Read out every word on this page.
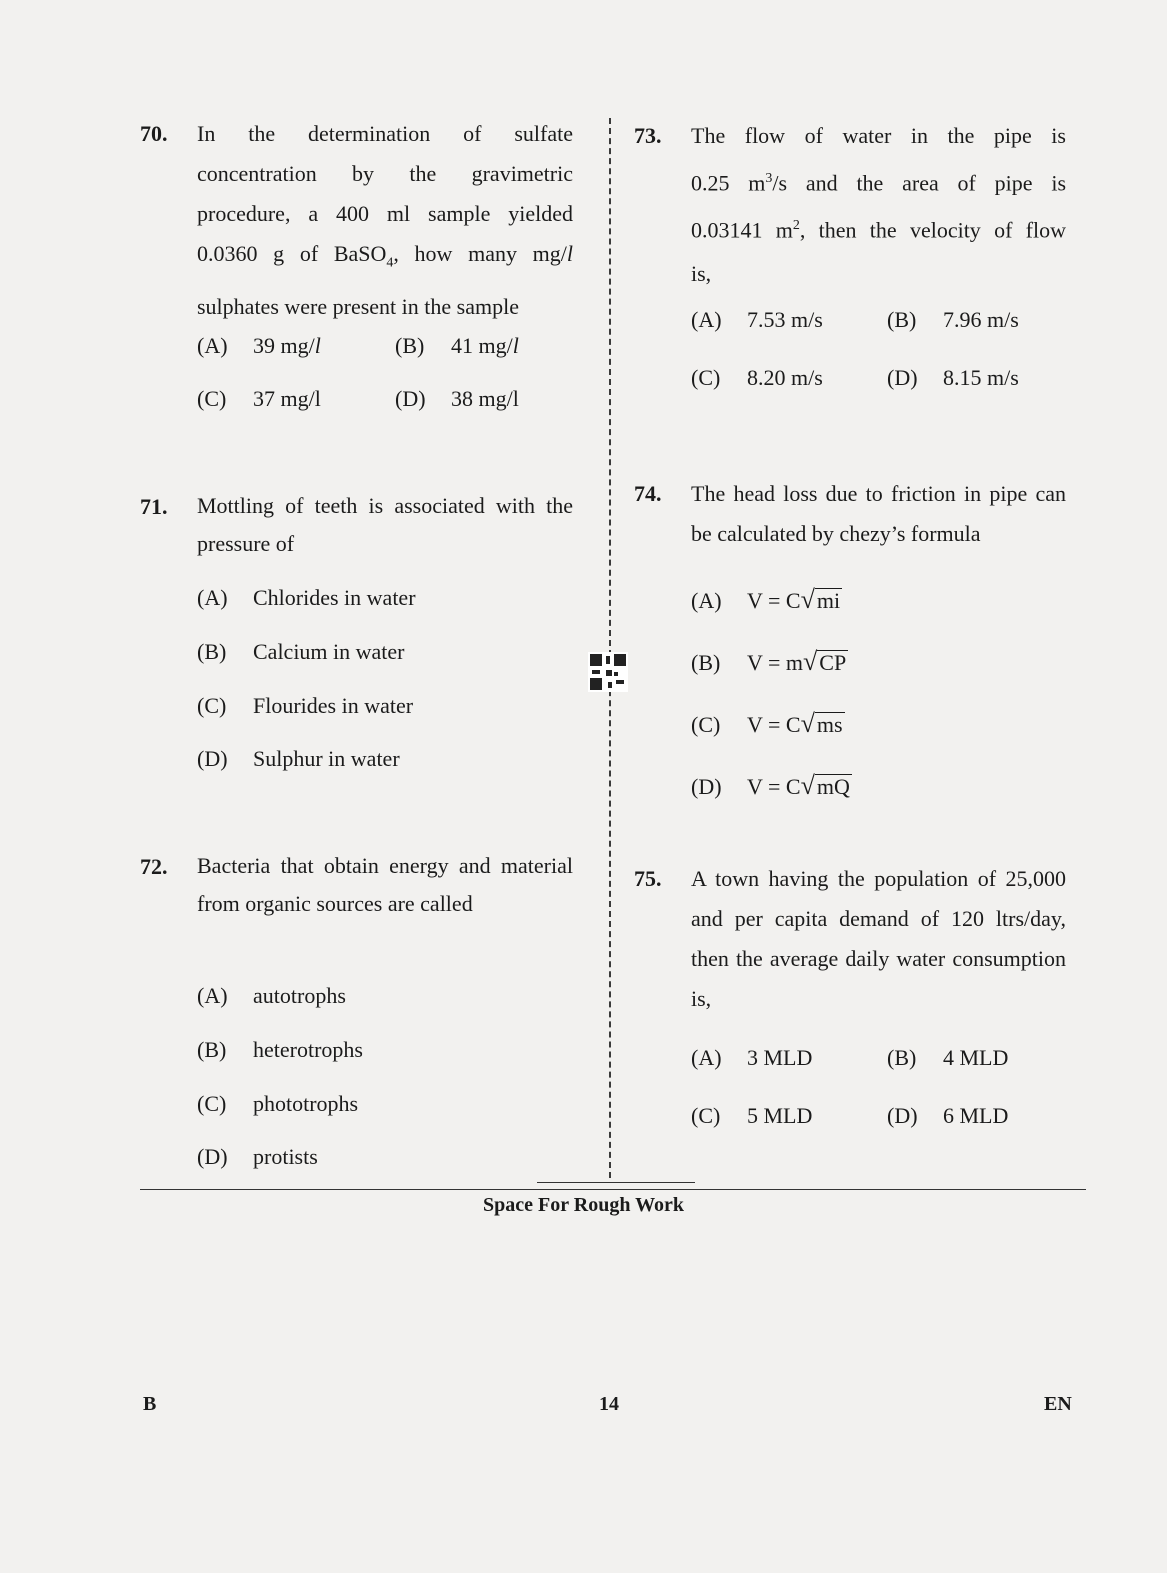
70. In the determination of sulfate
concentration by the gravimetric
procedure, a 400 ml sample yielded
0.0360 g of BaSO$_4$, how many mg/l
sulphates were present in the sample
(A) 39 mg/l	(B) 41 mg/l
(C) 37 mg/l	(D) 38 mg/l
71. Mottling of teeth is associated with the pressure of
(A) Chlorides in water
(B) Calcium in water
(C) Flourides in water
(D) Sulphur in water
72. Bacteria that obtain energy and material from organic sources are called
(A) autotrophs
(B) heterotrophs
(C) phototrophs
(D) protists
73. The flow of water in the pipe is
0.25 $m^3/s$ and the area of pipe is
0.03141 $m^2$, then the velocity of flow
is,
(A) 7.53 m/s	(B) 7.96 m/s
(C) 8.20 m/s	(D) 8.15 m/s
74. The head loss due to friction in pipe can be calculated by chezy’s formula
(A) V = C√mi
(B) V = m√CP
(C) V = C√ms
(D) V = C√mQ
75. A town having the population of 25,000 and per capita demand of 120 ltrs/day, then the average daily water consumption is,
(A) 3 MLD	(B) 4 MLD
(C) 5 MLD	(D) 6 MLD
Space For Rough Work
B	14	EN
